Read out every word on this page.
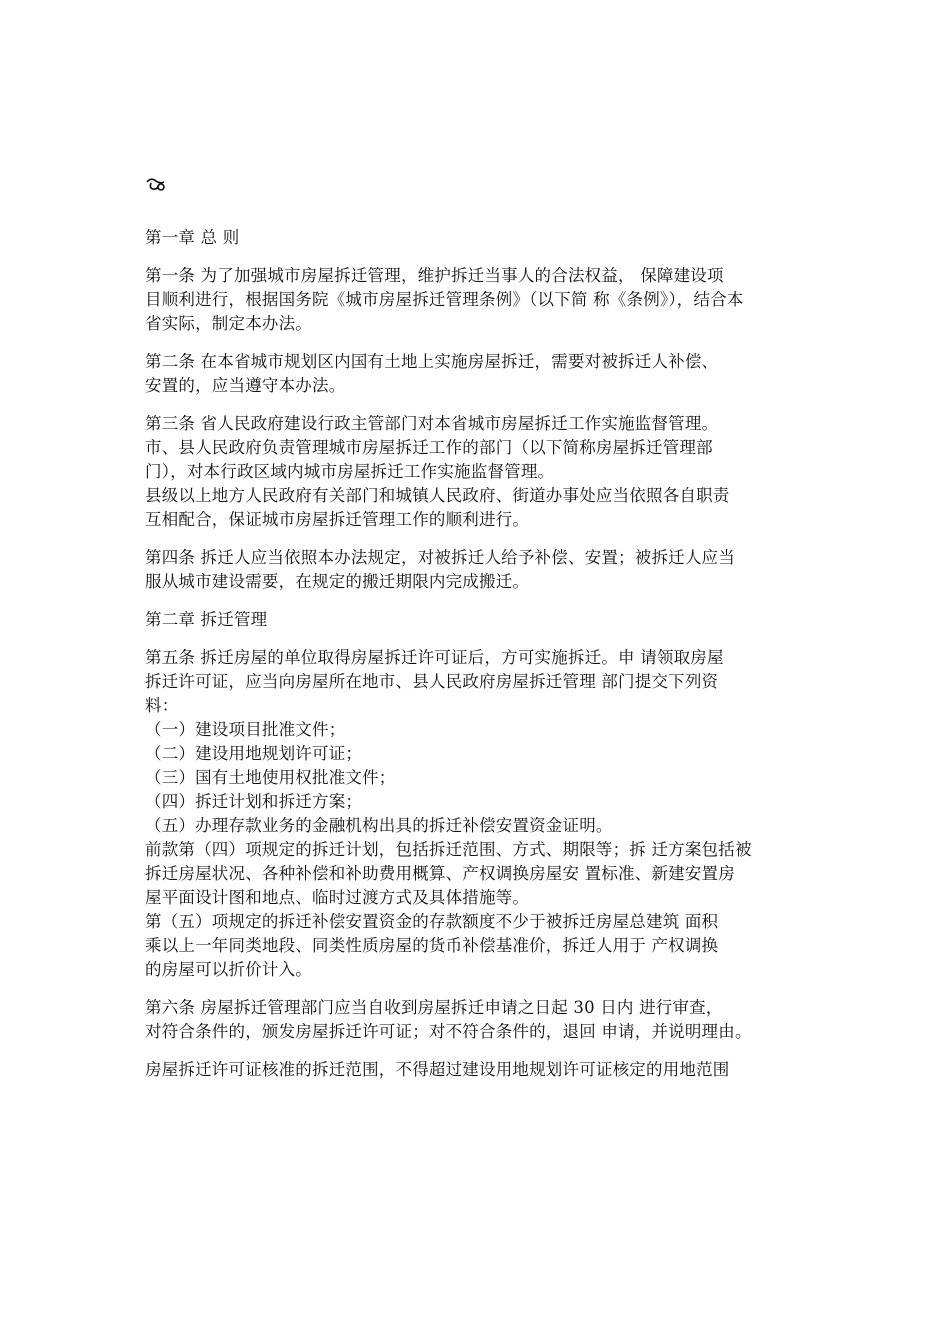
第一章 总 则
第一条 为了加强城市房屋拆迁管理，维护拆迁当事人的合法权益， 保障建设项
目顺利进行，根据国务院《城市房屋拆迁管理条例》（以下简 称《条例》），结合本
省实际，制定本办法。
第二条 在本省城市规划区内国有土地上实施房屋拆迁，需要对被拆迁人补偿、
安置的，应当遵守本办法。
第三条 省人民政府建设行政主管部门对本省城市房屋拆迁工作实施监督管理。
市、县人民政府负责管理城市房屋拆迁工作的部门（以下简称房屋拆迁管理部
门），对本行政区域内城市房屋拆迁工作实施监督管理。
县级以上地方人民政府有关部门和城镇人民政府、街道办事处应当依照各自职责
互相配合，保证城市房屋拆迁管理工作的顺利进行。
第四条 拆迁人应当依照本办法规定，对被拆迁人给予补偿、安置；被拆迁人应当
服从城市建设需要，在规定的搬迁期限内完成搬迁。
第二章 拆迁管理
第五条 拆迁房屋的单位取得房屋拆迁许可证后，方可实施拆迁。申 请领取房屋
拆迁许可证，应当向房屋所在地市、县人民政府房屋拆迁管理 部门提交下列资
料：
（一）建设项目批准文件；
（二）建设用地规划许可证；
（三）国有土地使用权批准文件；
（四）拆迁计划和拆迁方案；
（五）办理存款业务的金融机构出具的拆迁补偿安置资金证明。
前款第（四）项规定的拆迁计划，包括拆迁范围、方式、期限等；拆 迁方案包括被
拆迁房屋状况、各种补偿和补助费用概算、产权调换房屋安 置标准、新建安置房
屋平面设计图和地点、临时过渡方式及具体措施等。
第（五）项规定的拆迁补偿安置资金的存款额度不少于被拆迁房屋总建筑 面积
乘以上一年同类地段、同类性质房屋的货币补偿基准价，拆迁人用于 产权调换
的房屋可以折价计入。
第六条 房屋拆迁管理部门应当自收到房屋拆迁申请之日起 30 日内 进行审查，
对符合条件的，颁发房屋拆迁许可证；对不符合条件的，退回 申请，并说明理由。
房屋拆迁许可证核准的拆迁范围，不得超过建设用地规划许可证核定的用地范围
